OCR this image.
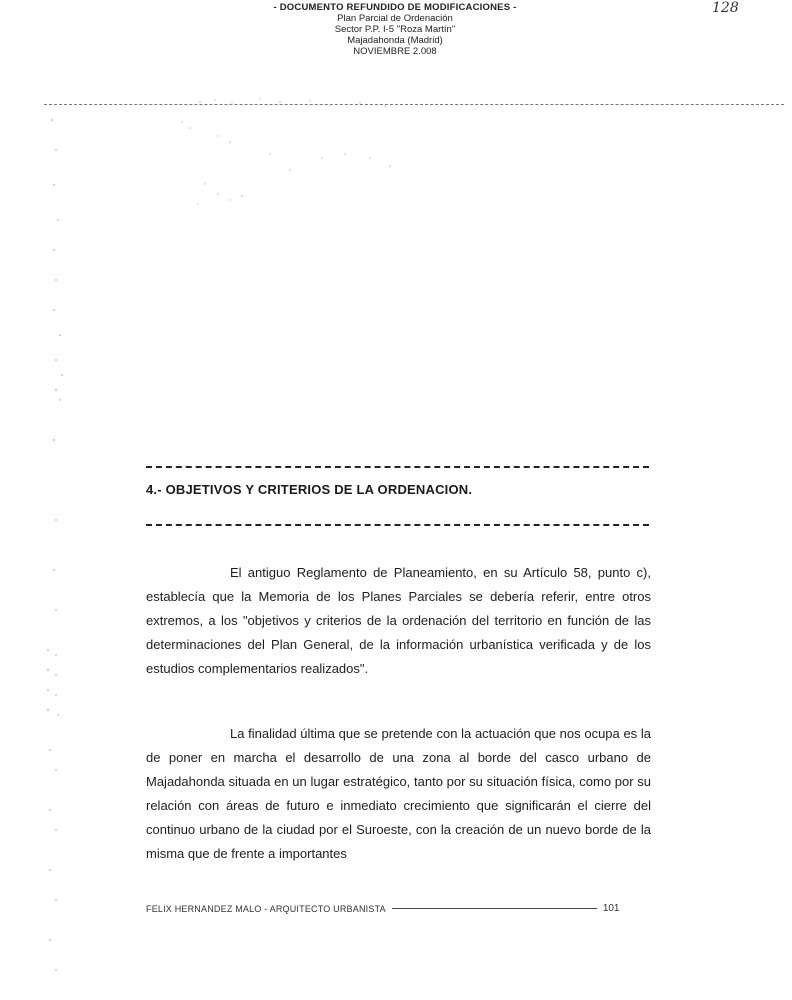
- DOCUMENTO REFUNDIDO DE MODIFICACIONES -
Plan Parcial de Ordenación
Sector P.P. I-5 "Roza Martín"
Majadahonda (Madrid)
NOVIEMBRE 2.008
128
4.- OBJETIVOS Y CRITERIOS DE LA ORDENACION.

El antiguo Reglamento de Planeamiento, en su Artículo 58, punto c), establecía que la Memoria de los Planes Parciales se debería referir, entre otros extremos, a los "objetivos y criterios de la ordenación del territorio en función de las determinaciones del Plan General, de la información urbanística verificada y de los estudios complementarios realizados".

La finalidad última que se pretende con la actuación que nos ocupa es la de poner en marcha el desarrollo de una zona al borde del casco urbano de Majadahonda situada en un lugar estratégico, tanto por su situación física, como por su relación con áreas de futuro e inmediato crecimiento que significarán el cierre del continuo urbano de la ciudad por el Suroeste, con la creación de un nuevo borde de la misma que de frente a importantes

FELIX HERNANDEZ MALO - ARQUITECTO URBANISTA	101
